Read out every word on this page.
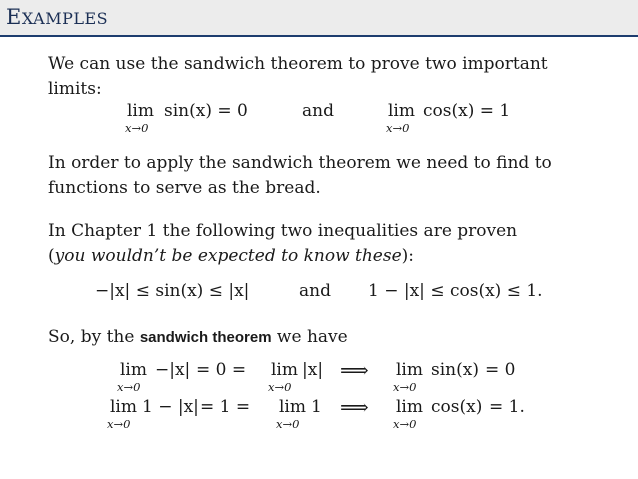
EXAMPLES
We can use the sandwich theorem to prove two important
limits:
lim
x→0
sin(x) = 0	and	lim
x→0
cos(x) = 1
In order to apply the sandwich theorem we need to find to
functions to serve as the bread.
In Chapter 1 the following two inequalities are proven
(you wouldn’t be expected to know these):
−|x| ≤ sin(x) ≤ |x|	and 1 − |x| ≤ cos(x) ≤ 1.
So, by the sandwich theorem we have
lim
x→0
−|x| = 0 = lim
x→0
|x| ⟹ lim
x→0
sin(x) = 0
lim
x→0
1 − |x| = 1 = lim
x→0
1 ⟹ lim
x→0
cos(x) = 1.
